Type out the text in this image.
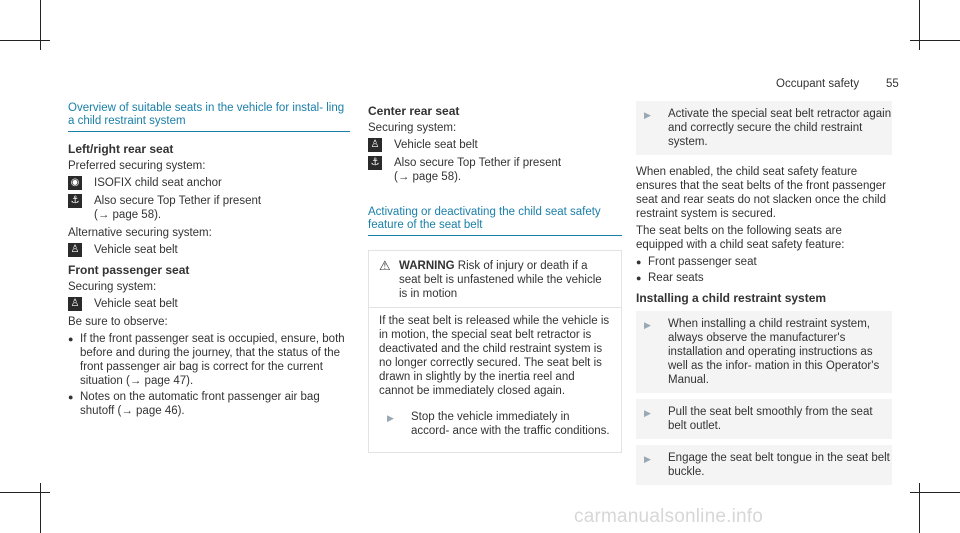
Occupant safety 55
Overview of suitable seats in the vehicle for instal- ling a child restraint system
Left/right rear seat

Preferred securing system:

◉ ISOFIX child seat anchor
⚓ Also secure Top Tether if present
(→ page 58).

Alternative securing system:

♙ Vehicle seat belt
Front passenger seat

Securing system:

♙ Vehicle seat belt

Be sure to observe:

● If the front passenger seat is occupied, ensure, both before and during the journey, that the status of the front passenger air bag is correct for the current situation (→ page 47).
● Notes on the automatic front passenger air bag shutoff (→ page 46).
Center rear seat

Securing system:

♙ Vehicle seat belt
⚓ Also secure Top Tether if present
(→ page 58).
Activating or deactivating the child seat safety feature of the seat belt
⚠ WARNING Risk of injury or death if a seat belt is unfastened while the vehicle is in motion

If the seat belt is released while the vehicle is in motion, the special seat belt retractor is deactivated and the child restraint system is no longer correctly secured. The seat belt is drawn in slightly by the inertia reel and cannot be immediately closed again.

▶	Stop the vehicle immediately in accord- ance with the traffic conditions.
▶	Activate the special seat belt retractor again and correctly secure the child restraint system.

When enabled, the child seat safety feature ensures that the seat belts of the front passenger seat and rear seats do not slacken once the child restraint system is secured.

The seat belts on the following seats are equipped with a child seat safety feature:

● Front passenger seat
● Rear seats
Installing a child restraint system
▶	When installing a child restraint system, always observe the manufacturer's installation and operating instructions as well as the infor- mation in this Operator's Manual.
▶	Pull the seat belt smoothly from the seat belt outlet.
▶	Engage the seat belt tongue in the seat belt buckle.
carmanualsonline.info
